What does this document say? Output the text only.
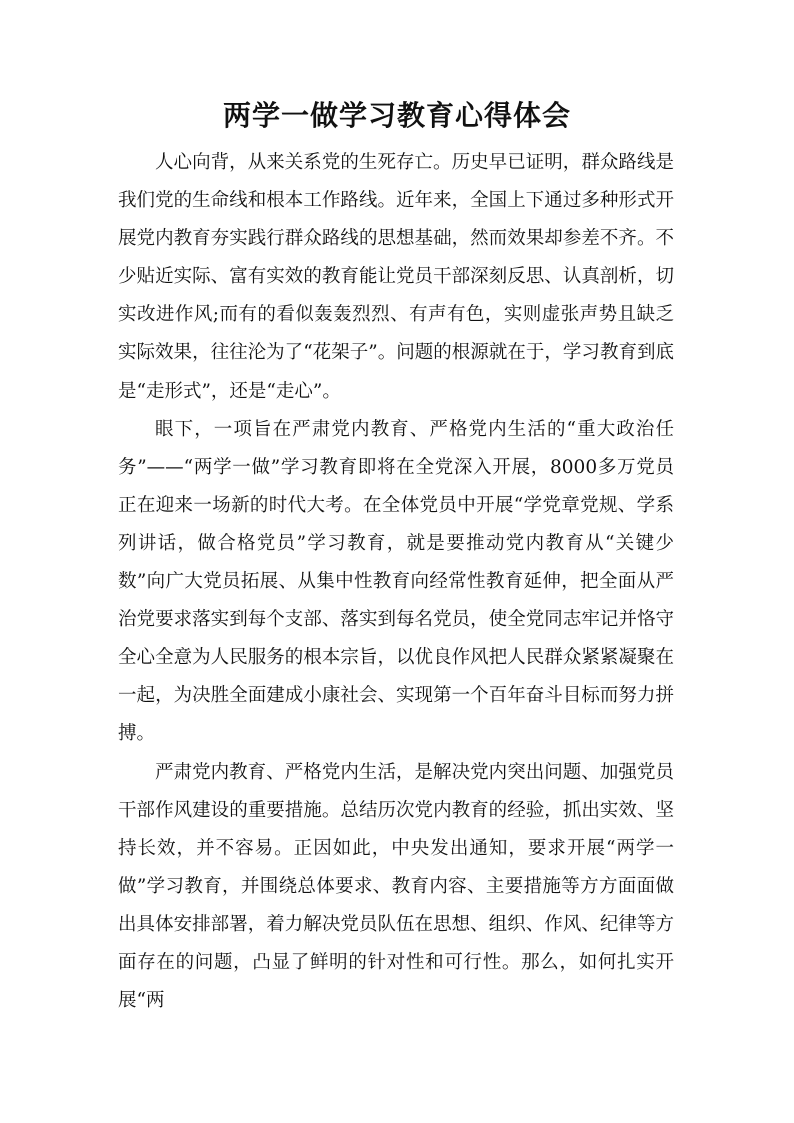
两学一做学习教育心得体会

人心向背，从来关系党的生死存亡。历史早已证明，群众路线是我们党的生命线和根本工作路线。近年来，全国上下通过多种形式开展党内教育夯实践行群众路线的思想基础，然而效果却参差不齐。不少贴近实际、富有实效的教育能让党员干部深刻反思、认真剖析，切实改进作风;而有的看似轰轰烈烈、有声有色，实则虚张声势且缺乏实际效果，往往沦为了“花架子”。问题的根源就在于，学习教育到底是“走形式”，还是“走心”。

眼下，一项旨在严肃党内教育、严格党内生活的“重大政治任务”——“两学一做”学习教育即将在全党深入开展，8000多万党员正在迎来一场新的时代大考。在全体党员中开展“学党章党规、学系列讲话，做合格党员”学习教育，就是要推动党内教育从“关键少数”向广大党员拓展、从集中性教育向经常性教育延伸，把全面从严治党要求落实到每个支部、落实到每名党员，使全党同志牢记并恪守全心全意为人民服务的根本宗旨，以优良作风把人民群众紧紧凝聚在一起，为决胜全面建成小康社会、实现第一个百年奋斗目标而努力拼搏。

严肃党内教育、严格党内生活，是解决党内突出问题、加强党员干部作风建设的重要措施。总结历次党内教育的经验，抓出实效、坚持长效，并不容易。正因如此，中央发出通知，要求开展“两学一做”学习教育，并围绕总体要求、教育内容、主要措施等方方面面做出具体安排部署，着力解决党员队伍在思想、组织、作风、纪律等方面存在的问题，凸显了鲜明的针对性和可行性。那么，如何扎实开展“两
